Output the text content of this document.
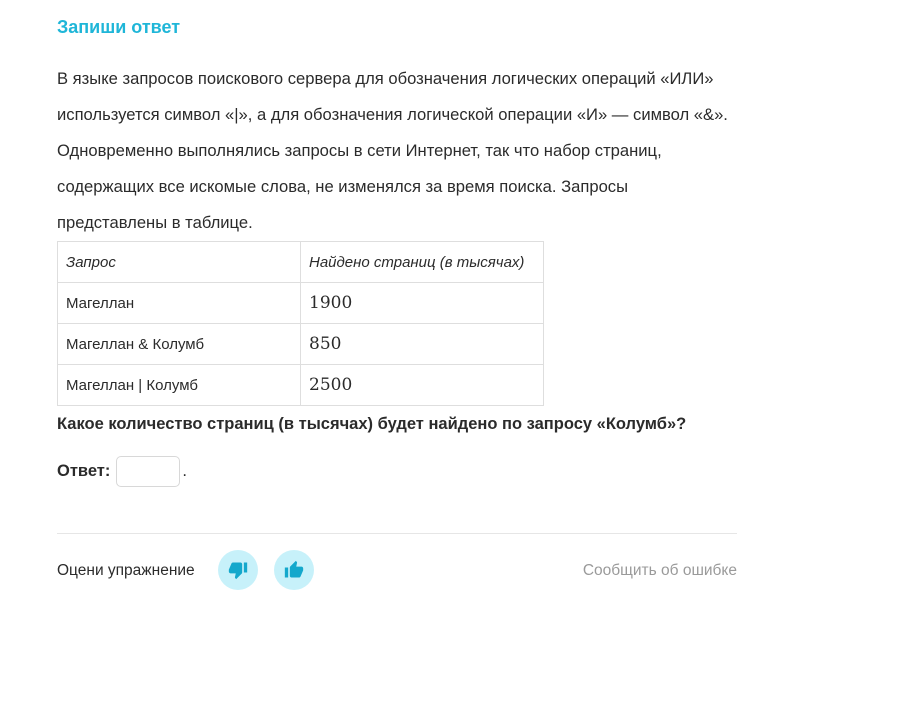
Запиши ответ
В языке запросов поискового сервера для обозначения логических операций «ИЛИ» используется символ «|», а для обозначения логической операции «И» — символ «&». Одновременно выполнялись запросы в сети Интернет, так что набор страниц, содержащих все искомые слова, не изменялся за время поиска. Запросы представлены в таблице.
Запрос	Найдено страниц (в тысячах)
Магеллан	1900
Магеллан & Колумб	850
Магеллан | Колумб	2500
Какое количество страниц (в тысячах) будет найдено по запросу «Колумб»?
Ответ:	.
Оцени упражнение	Сообщить об ошибке
